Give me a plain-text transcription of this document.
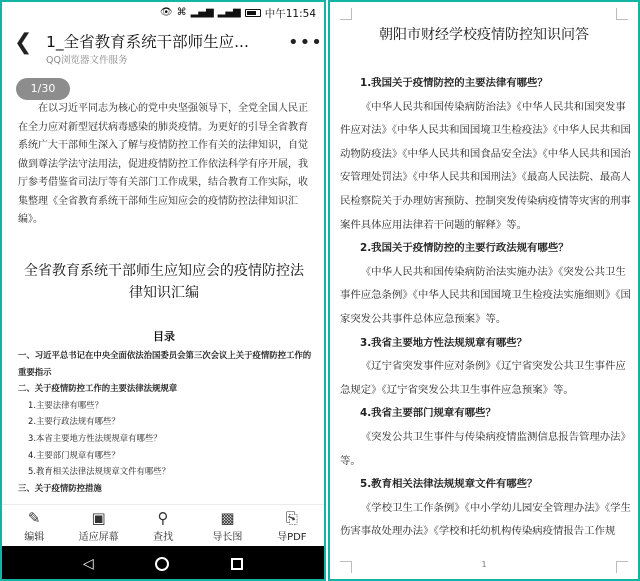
👁 ⌘ ▂▄▆ ▂▄▆ 中午11:54
❮ 1_全省教育系统干部师生应...
QQ浏览器文件服务
•••
1/30

在以习近平同志为核心的党中央坚强领导下，全党全国人民正在全力应对新型冠状病毒感染的肺炎疫情。为更好的引导全省教育系统广大干部师生深入了解与疫情防控工作有关的法律知识，自觉做到尊法学法守法用法，促进疫情防控工作依法科学有序开展，我厅参考借鉴省司法厅等有关部门工作成果，结合教育工作实际，收集整理《全省教育系统干部师生应知应会的疫情防控法律知识汇编》。

全省教育系统干部师生应知应会的疫情防控法律知识汇编
目录
一、习近平总书记在中央全面依法治国委员会第三次会议上关于疫情防控工作的重要指示
二、关于疫情防控工作的主要法律法规规章
1.主要法律有哪些？
2.主要行政法规有哪些？
3.本省主要地方性法规规章有哪些？
4.主要部门规章有哪些？
5.教育相关法律法规规章文件有哪些？
三、关于疫情防控措施
✎
编辑
▣
适应屏幕
⚲
查找
▩
导长图
⎘
导PDF
◁
朝阳市财经学校疫情防控知识问答
1.我国关于疫情防控的主要法律有哪些？
《中华人民共和国传染病防治法》《中华人民共和国突发事件应对法》《中华人民共和国国境卫生检疫法》《中华人民共和国动物防疫法》《中华人民共和国食品安全法》《中华人民共和国治安管理处罚法》《中华人民共和国刑法》《最高人民法院、最高人民检察院关于办理妨害预防、控制突发传染病疫情等灾害的刑事案件具体应用法律若干问题的解释》等。
2.我国关于疫情防控的主要行政法规有哪些？
《中华人民共和国传染病防治法实施办法》《突发公共卫生事件应急条例》《中华人民共和国国境卫生检疫法实施细则》《国家突发公共事件总体应急预案》等。
3.我省主要地方性法规规章有哪些？
《辽宁省突发事件应对条例》《辽宁省突发公共卫生事件应急规定》《辽宁省突发公共卫生事件应急预案》等。
4.我省主要部门规章有哪些？
《突发公共卫生事件与传染病疫情监测信息报告管理办法》等。
5.教育相关法律法规规章文件有哪些？
《学校卫生工作条例》《中小学幼儿园安全管理办法》《学生伤害事故处理办法》《学校和托幼机构传染病疫情报告工作规
1
